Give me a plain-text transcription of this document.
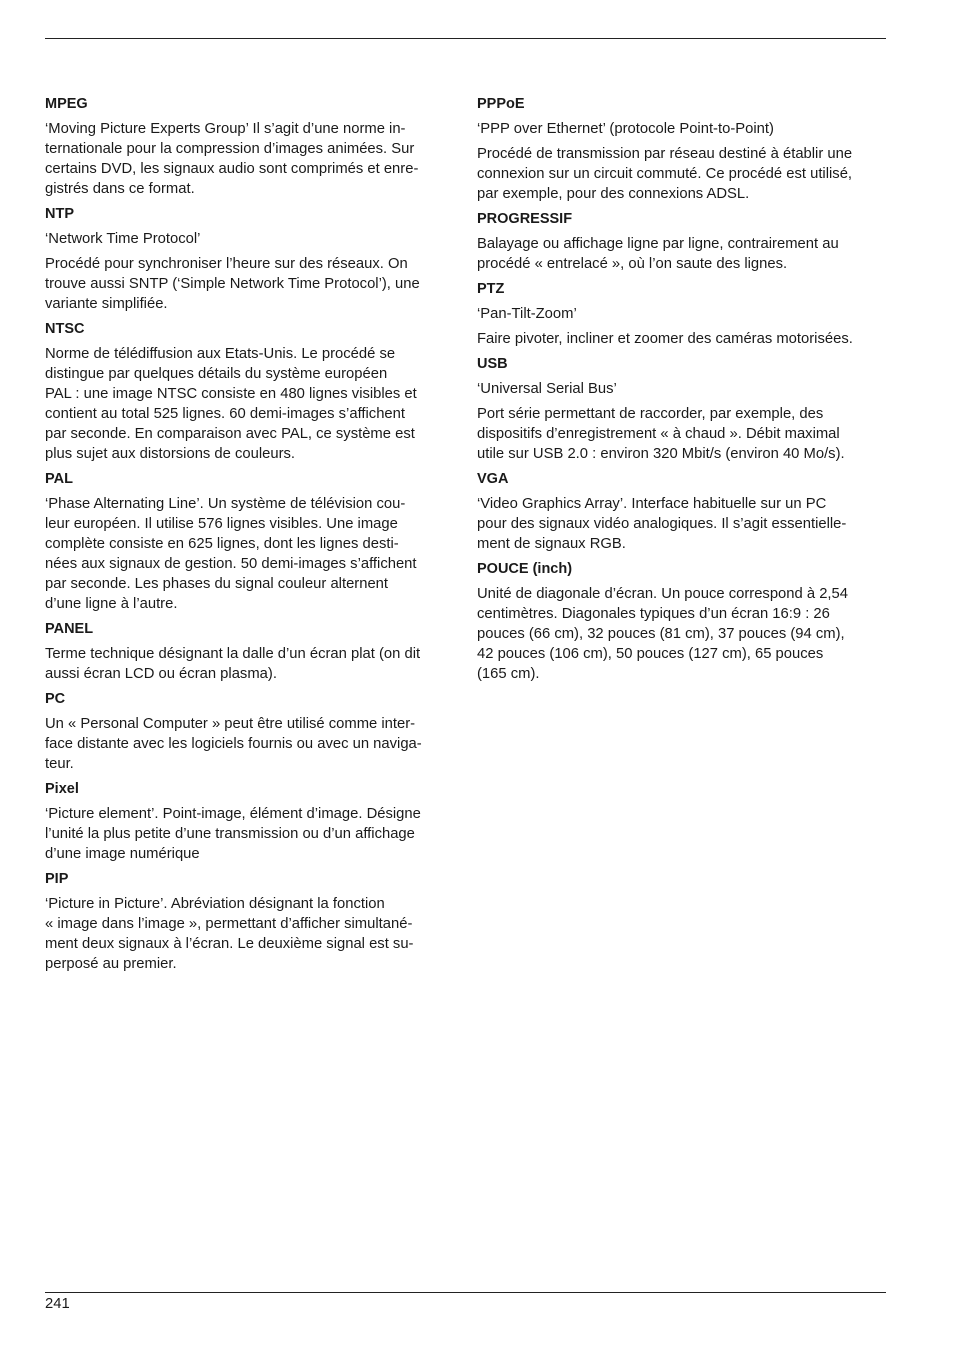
MPEG
‘Moving Picture Experts Group’ Il s’agit d’une norme in-
ternationale pour la compression d’images animées. Sur
certains DVD, les signaux audio sont comprimés et enre-
gistrés dans ce format.
NTP
‘Network Time Protocol’
Procédé pour synchroniser l’heure sur des réseaux. On
trouve aussi SNTP (‘Simple Network Time Protocol’), une
variante simplifiée.
NTSC
Norme de télédiffusion aux Etats-Unis. Le procédé se
distingue par quelques détails du système européen
PAL : une image NTSC consiste en 480 lignes visibles et
contient au total 525 lignes. 60 demi-images s’affichent
par seconde. En comparaison avec PAL, ce système est
plus sujet aux distorsions de couleurs.
PAL
‘Phase Alternating Line’. Un système de télévision cou-
leur européen. Il utilise 576 lignes visibles. Une image
complète consiste en 625 lignes, dont les lignes desti-
nées aux signaux de gestion. 50 demi-images s’affichent
par seconde. Les phases du signal couleur alternent
d’une ligne à l’autre.
PANEL
Terme technique désignant la dalle d’un écran plat (on dit
aussi écran LCD ou écran plasma).
PC
Un « Personal Computer » peut être utilisé comme inter-
face distante avec les logiciels fournis ou avec un naviga-
teur.
Pixel
‘Picture element’. Point-image, élément d’image. Désigne
l’unité la plus petite d’une transmission ou d’un affichage
d’une image numérique
PIP
‘Picture in Picture’. Abréviation désignant la fonction
« image dans l’image », permettant d’afficher simultané-
ment deux signaux à l’écran. Le deuxième signal est su-
perposé au premier.
PPPoE
‘PPP over Ethernet’ (protocole Point-to-Point)
Procédé de transmission par réseau destiné à établir une
connexion sur un circuit commuté. Ce procédé est utilisé,
par exemple, pour des connexions ADSL.
PROGRESSIF
Balayage ou affichage ligne par ligne, contrairement au
procédé « entrelacé », où l’on saute des lignes.
PTZ
‘Pan-Tilt-Zoom’
Faire pivoter, incliner et zoomer des caméras motorisées.
USB
‘Universal Serial Bus’
Port série permettant de raccorder, par exemple, des
dispositifs d’enregistrement « à chaud ». Débit maximal
utile sur USB 2.0 : environ 320 Mbit/s (environ 40 Mo/s).
VGA
‘Video Graphics Array’. Interface habituelle sur un PC
pour des signaux vidéo analogiques. Il s’agit essentielle-
ment de signaux RGB.
POUCE (inch)
Unité de diagonale d’écran. Un pouce correspond à 2,54
centimètres. Diagonales typiques d’un écran 16:9 : 26
pouces (66 cm), 32 pouces (81 cm), 37 pouces (94 cm),
42 pouces (106 cm), 50 pouces (127 cm), 65 pouces
(165 cm).
241
